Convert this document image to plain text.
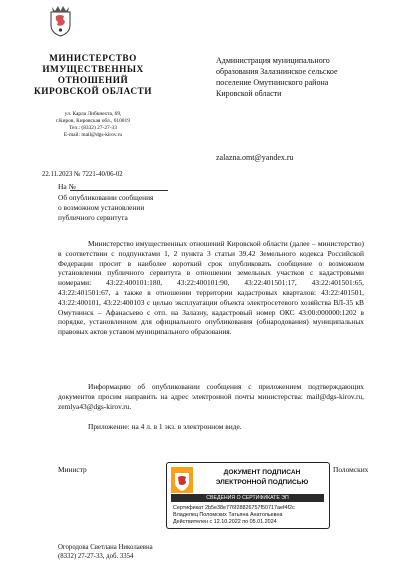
МИНИСТЕРСТВО
ИМУЩЕСТВЕННЫХ
ОТНОШЕНИЙ
КИРОВСКОЙ ОБЛАСТИ
ул. Карла Либкнехта, 69,
г.Киров, Кировская обл., 610019
Тел.: (8332) 27-27-33
E-mail: mail@dgs-kirov.ru
Администрация муниципального
образования Залазнинское сельское
поселение Омутнинского района
Кировской области
zalazna.omt@yandex.ru
22.11.2023 № 7221-40/06-02
На №
Об опубликовании сообщения
о возможном установлении
публичного сервитута
Министерство имущественных отношений Кировской области (далее – министерство) в соответствии с подпунктами 1, 2 пункта 3 статьи 39.42 Земельного кодекса Российской Федерации просит в наиболее короткий срок опубликовать сообщение о возможном установлении публичного сервитута в отношении земельных участков с кадастровыми номерами: 43:22:400101:180, 43:22:400101:90, 43:22:401501:17, 43:22:401501:65, 43:22:401501:67, а также в отношении территории кадастровых кварталов: 43:22:401501, 43:22:400101, 43:22:400103 с целью эксплуатации объекта электросетевого хозяйства ВЛ-35 кВ Омутнинск – Афанасьево с отп. на Залазну, кадастровый номер ОКС 43:00:000000:1202 в порядке, установленном для официального опубликования (обнародования) муниципальных правовых актов уставом муниципального образования.
Информацию об опубликовании сообщения с приложением подтверждающих документов просим направить на адрес электронной почты министерства: mail@dgs-kirov.ru, zemlya43@dgs-kirov.ru.
Приложение: на 4 л. в 1 экз. в электронном виде.
Министр	Поломских
ДОКУМЕНТ ПОДПИСАН
ЭЛЕКТРОННОЙ ПОДПИСЬЮ
СВЕДЕНИЯ О СЕРТИФИКАТЕ ЭП
Сертификат 2b5e38e776f28826757f50717aef4f2c
Владелец Поломских Татьяна Анатольевна
Действителен с 12.10.2022 по 05.01.2024
Огородова Светлана Николаевна
(8332) 27-27-33, доб. 3354
